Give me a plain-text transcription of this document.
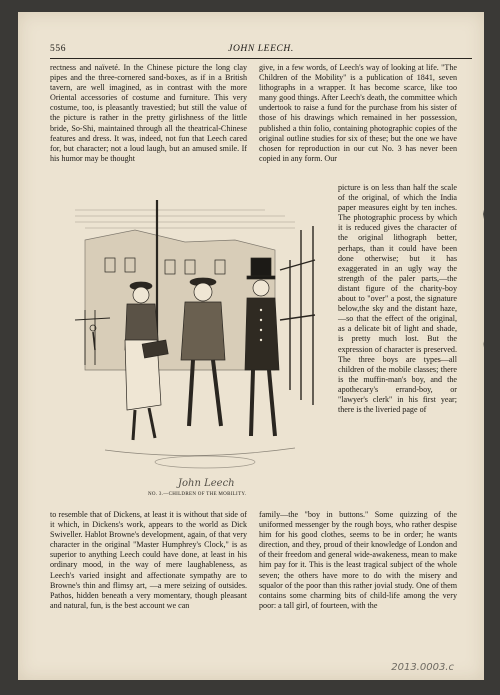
556	JOHN LEECH.

rectness and naïveté. In the Chinese picture the long clay pipes and the three-cornered sand-boxes, as if in a British tavern, are well imagined, as in contrast with the more Oriental accessories of costume and furniture. This very costume, too, is pleasantly travestied; but still the value of the picture is rather in the pretty girlishness of the little bride, So-Shi, maintained through all the theatrical-Chinese features and dress. It was, indeed, not fun that Leech cared for, but character; not a loud laugh, but an amused smile. If his humor may be thought

give, in a few words, of Leech's way of looking at life. "The Children of the Mobility" is a publication of 1841, seven lithographs in a wrapper. It has become scarce, like too many good things. After Leech's death, the committee which undertook to raise a fund for the purchase from his sister of those of his drawings which remained in her possession, published a thin folio, containing photographic copies of the original outline studies for six of these; but the one we have chosen for reproduction in our cut No. 3 has never been copied in any form. Our

picture is on less than half the scale of the original, of which the India paper measures eight by ten inches. The photographic process by which it is reduced gives the character of the original lithograph better, perhaps, than it could have been done otherwise; but it has exaggerated in an ugly way the strength of the paler parts,—the distant figure of the charity-boy about to "over" a post, the signature below,the sky and the distant haze,—so that the effect of the original, as a delicate bit of light and shade, is pretty much lost. But the expression of character is preserved. The three boys are types—all children of the mobile classes; there is the muffin-man's boy, and the apothecary's errand-boy, or "lawyer's clerk" in his first year; there is the liveried page of

John Leech
NO. 3.—CHILDREN OF THE MOBILITY.

to resemble that of Dickens, at least it is without that side of it which, in Dickens's work, appears to the world as Dick Swiveller. Hablot Browne's development, again, of that very character in the original "Master Humphrey's Clock," is as superior to anything Leech could have done, at least in his ordinary mood, in the way of mere laughableness, as Leech's varied insight and affectionate sympathy are to Browne's thin and flimsy art, —a mere seizing of outsides. Pathos, hidden beneath a very momentary, though pleasant and natural, fun, is the best account we can

family—the "boy in buttons." Some quizzing of the uniformed messenger by the rough boys, who rather despise him for his good clothes, seems to be in order; he wants direction, and they, proud of their knowledge of London and of their freedom and general wide-awakeness, mean to make him pay for it. This is the least tragical subject of the whole seven; the others have more to do with the misery and squalor of the poor than this rather jovial study. One of them contains some charming bits of child-life among the very poor: a tall girl, of fourteen, with the

2013.0003.c
